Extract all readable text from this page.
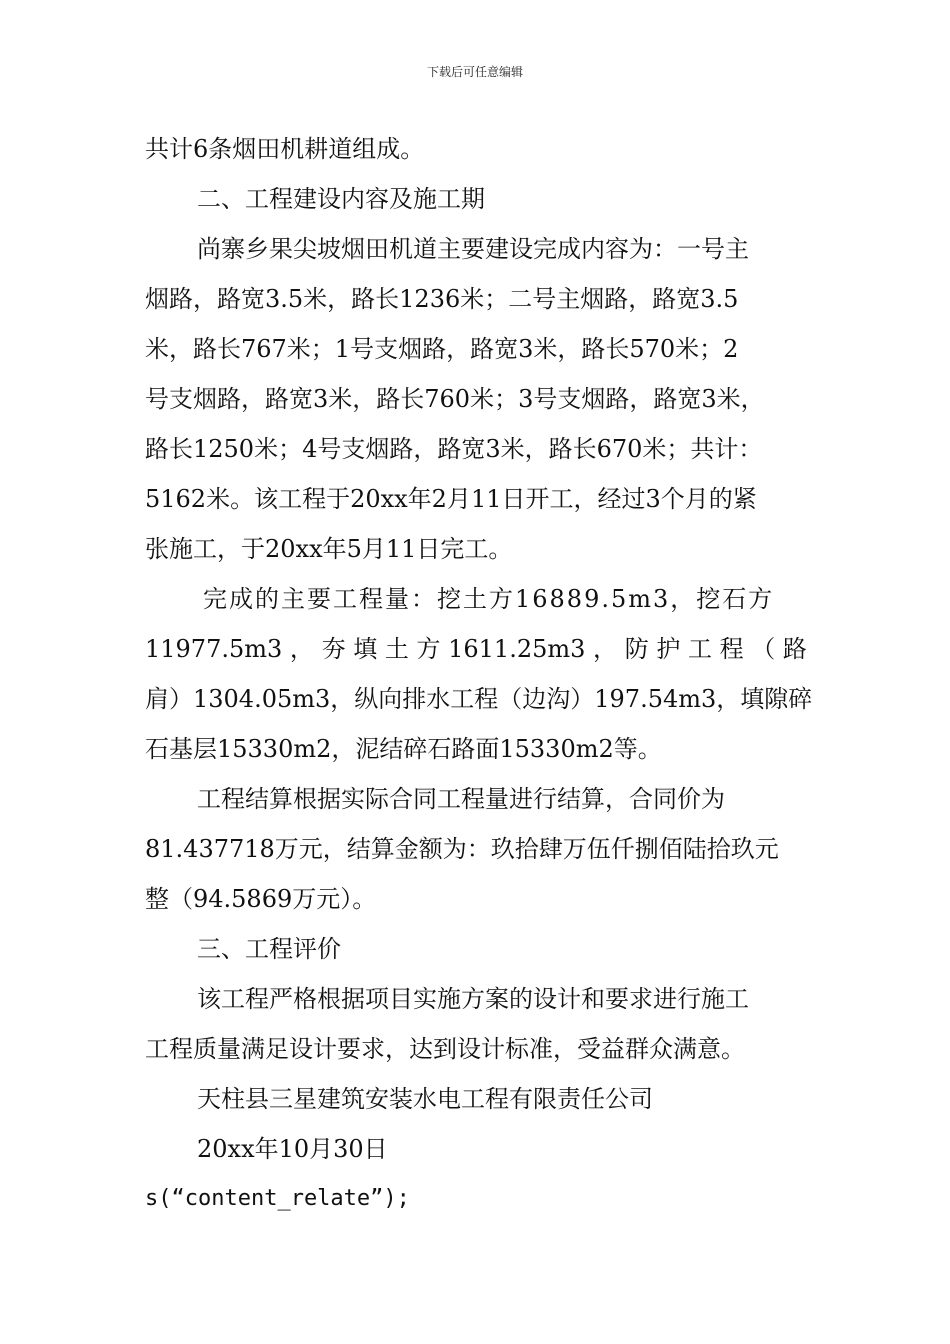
下载后可任意编辑
共计6条烟田机耕道组成。
二、工程建设内容及施工期
尚寨乡果尖坡烟田机道主要建设完成内容为：一号主
烟路，路宽3.5米，路长1236米；二号主烟路，路宽3.5
米，路长767米；1号支烟路，路宽3米，路长570米；2
号支烟路，路宽3米，路长760米；3号支烟路，路宽3米，
路长1250米；4号支烟路，路宽3米，路长670米；共计：
5162米。该工程于20xx年2月11日开工，经过3个月的紧
张施工，于20xx年5月11日完工。
完成的主要工程量：挖土方16889.5m3，挖石方
11977.5m3 ， 夯 填 土 方 1611.25m3 ， 防 护 工 程 （ 路
肩）1304.05m3，纵向排水工程（边沟）197.54m3，填隙碎
石基层15330m2，泥结碎石路面15330m2等。
工程结算根据实际合同工程量进行结算，合同价为
81.437718万元，结算金额为：玖拾肆万伍仟捌佰陆拾玖元
整（94.5869万元）。
三、工程评价
该工程严格根据项目实施方案的设计和要求进行施工
工程质量满足设计要求，达到设计标准，受益群众满意。
天柱县三星建筑安装水电工程有限责任公司
20xx年10月30日
s(“content_relate”);
